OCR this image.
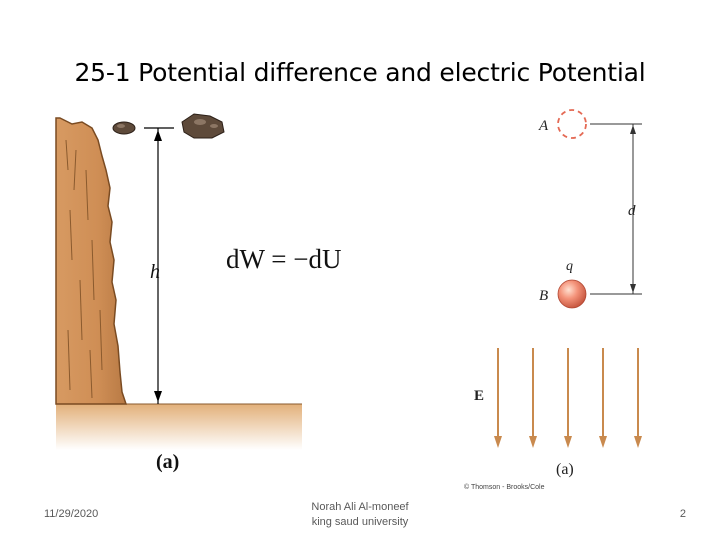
25-1 Potential difference and electric Potential
h
(a)
dW = −dU
A
B
q
d
E
(a)
© Thomson - Brooks/Cole
11/29/2020
Norah Ali Al-moneef
king saud university
2
